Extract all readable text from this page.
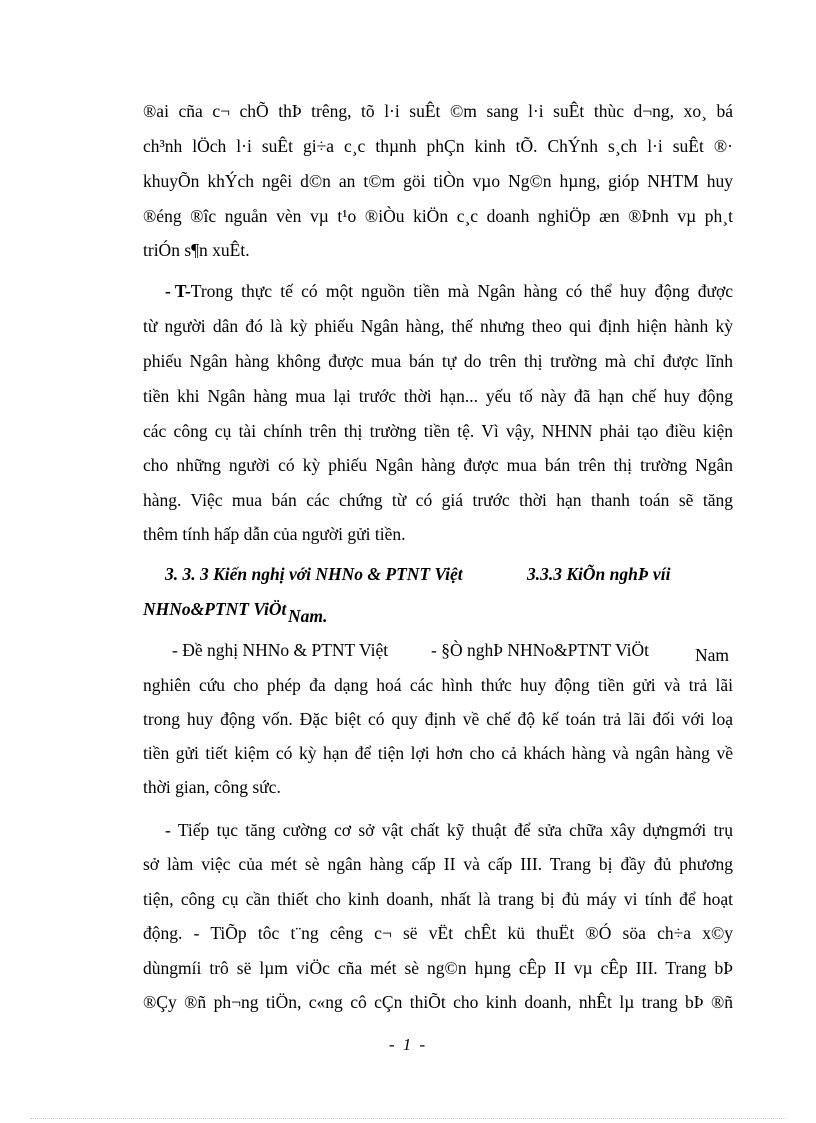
®ai cña c¬ chÕ thÞ trêng, tõ l·i suÊt ©m sang l·i suÊt thùc d¬ng, xo¸ bá
ch³nh lÖch l·i suÊt gi÷a c¸c thµnh phÇn kinh tÕ. ChÝnh s¸ch l·i suÊt ®·
khuyÕn khÝch ngêi d©n an t©m göi tiÒn vµo Ng©n hµng, gióp NHTM huy
®éng ®îc nguån vèn vµ t¹o ®iÒu kiÖn c¸c doanh nghiÖp æn ®Þnh vµ ph¸t
triÓn s¶n xuÊt.
- T- Trong thực tế có một nguồn tiền mà Ngân hàng có thể huy động được
từ người dân đó là kỳ phiếu Ngân hàng, thế nhưng theo qui định hiện hành kỳ
phiếu Ngân hàng không được mua bán tự do trên thị trường mà chỉ được lĩnh
tiền khi Ngân hàng mua lại trước thời hạn... yếu tố này đã hạn chế huy động
các công cụ tài chính trên thị trường tiền tệ. Vì vậy, NHNN phải tạo điều kiện
cho những người có kỳ phiếu Ngân hàng được mua bán trên thị trường Ngân
hàng. Việc mua bán các chứng từ có giá trước thời hạn thanh toán sẽ tăng
thêm tính hấp dẫn của người gửi tiền.
3. 3. 3 Kiến nghị với NHNo & PTNT Việt	3.3.3 KiÕn nghÞ víi
NHNo&PTNT ViÖt Nam.
- Đề nghị NHNo & PTNT Việt - §Ò nghÞ NHNo&PTNT ViÖt	Nam
nghiên cứu cho phép đa dạng hoá các hình thức huy động tiền gửi và trả lãi
trong huy động vốn. Đặc biệt có quy định về chế độ kế toán trả lãi đối với loạ
tiền gửi tiết kiệm có kỳ hạn để tiện lợi hơn cho cả khách hàng và ngân hàng về
thời gian, công sức.
- Tiếp tục tăng cường cơ sở vật chất kỹ thuật để sửa chữa xây dựngmới trụ
sở làm việc của mét sè ngân hàng cấp II và cấp III. Trang bị đầy đủ phương
tiện, công cụ cần thiết cho kinh doanh, nhất là trang bị đủ máy vi tính để hoạt
động. - TiÕp tôc t¨ng cêng c¬ së vËt chÊt kü thuËt ®Ó söa ch÷a x©y
dùngmíi trô së lµm viÖc cña mét sè ng©n hµng cÊp II vµ cÊp III. Trang bÞ
®Çy ®ñ ph¬ng tiÖn, c«ng cô cÇn thiÕt cho kinh doanh, nhÊt lµ trang bÞ ®ñ
- 1 -
